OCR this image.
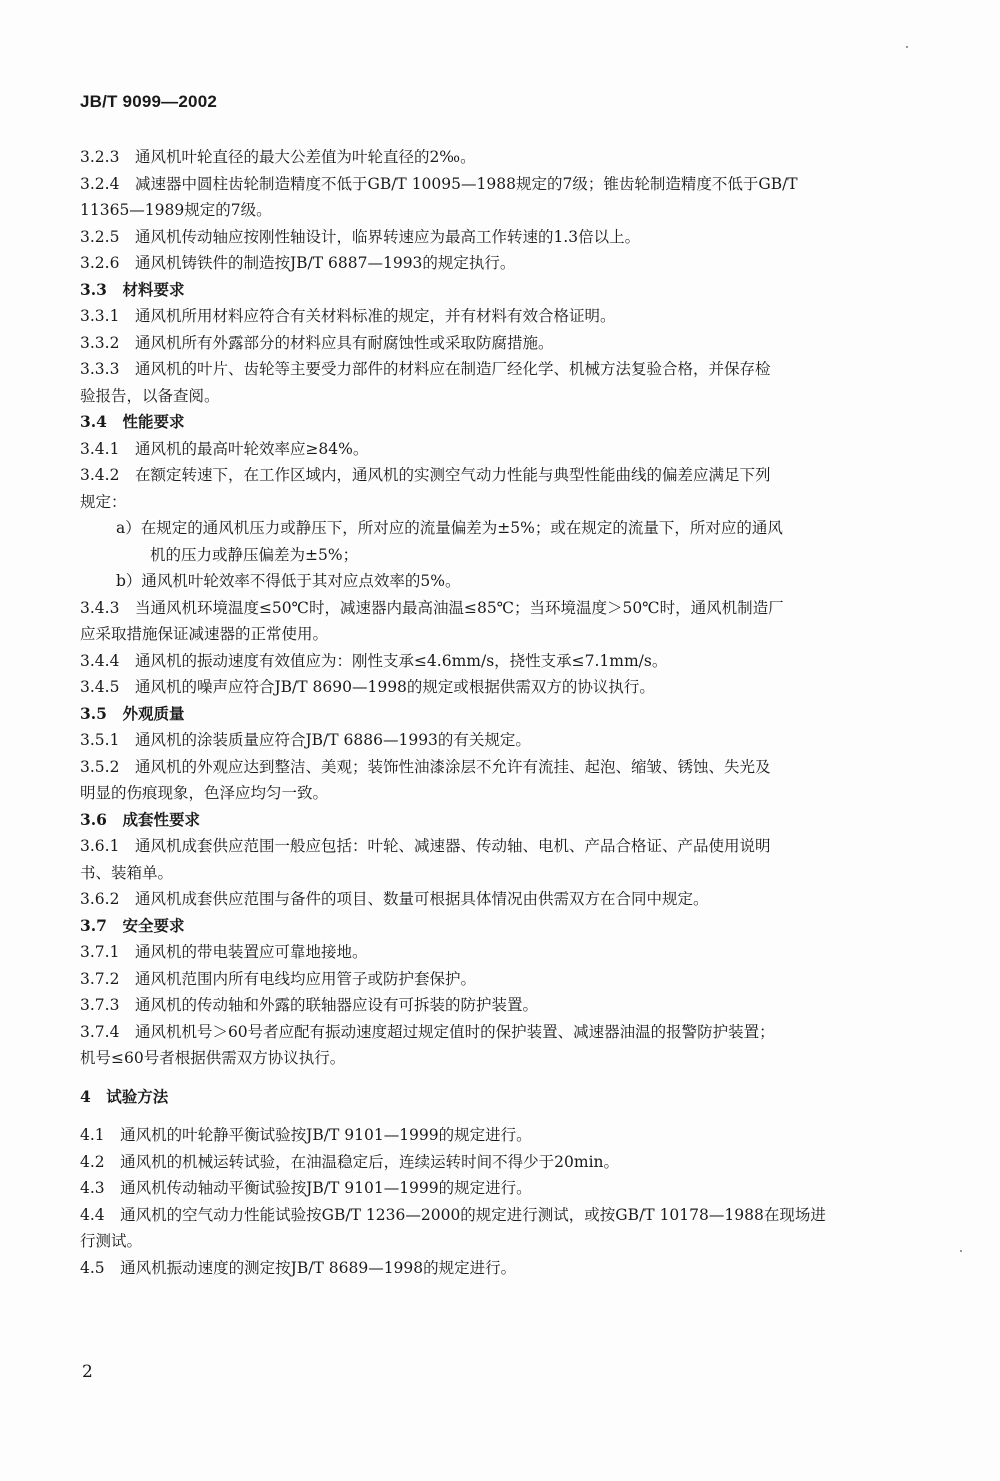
JB/T 9099—2002
3.2.3　通风机叶轮直径的最大公差值为叶轮直径的2‰。
3.2.4　减速器中圆柱齿轮制造精度不低于GB/T 10095—1988规定的7级；锥齿轮制造精度不低于GB/T
11365—1989规定的7级。
3.2.5　通风机传动轴应按刚性轴设计，临界转速应为最高工作转速的1.3倍以上。
3.2.6　通风机铸铁件的制造按JB/T 6887—1993的规定执行。
3.3　材料要求
3.3.1　通风机所用材料应符合有关材料标准的规定，并有材料有效合格证明。
3.3.2　通风机所有外露部分的材料应具有耐腐蚀性或采取防腐措施。
3.3.3　通风机的叶片、齿轮等主要受力部件的材料应在制造厂经化学、机械方法复验合格，并保存检
验报告，以备查阅。
3.4　性能要求
3.4.1　通风机的最高叶轮效率应≥84%。
3.4.2　在额定转速下，在工作区域内，通风机的实测空气动力性能与典型性能曲线的偏差应满足下列
规定：
a）在规定的通风机压力或静压下，所对应的流量偏差为±5%；或在规定的流量下，所对应的通风
机的压力或静压偏差为±5%；
b）通风机叶轮效率不得低于其对应点效率的5%。
3.4.3　当通风机环境温度≤50℃时，减速器内最高油温≤85℃；当环境温度＞50℃时，通风机制造厂
应采取措施保证减速器的正常使用。
3.4.4　通风机的振动速度有效值应为：刚性支承≤4.6mm/s，挠性支承≤7.1mm/s。
3.4.5　通风机的噪声应符合JB/T 8690—1998的规定或根据供需双方的协议执行。
3.5　外观质量
3.5.1　通风机的涂装质量应符合JB/T 6886—1993的有关规定。
3.5.2　通风机的外观应达到整洁、美观；装饰性油漆涂层不允许有流挂、起泡、缩皱、锈蚀、失光及
明显的伤痕现象，色泽应均匀一致。
3.6　成套性要求
3.6.1　通风机成套供应范围一般应包括：叶轮、减速器、传动轴、电机、产品合格证、产品使用说明
书、装箱单。
3.6.2　通风机成套供应范围与备件的项目、数量可根据具体情况由供需双方在合同中规定。
3.7　安全要求
3.7.1　通风机的带电装置应可靠地接地。
3.7.2　通风机范围内所有电线均应用管子或防护套保护。
3.7.3　通风机的传动轴和外露的联轴器应设有可拆装的防护装置。
3.7.4　通风机机号＞60号者应配有振动速度超过规定值时的保护装置、减速器油温的报警防护装置；
机号≤60号者根据供需双方协议执行。
4　试验方法
4.1　通风机的叶轮静平衡试验按JB/T 9101—1999的规定进行。
4.2　通风机的机械运转试验，在油温稳定后，连续运转时间不得少于20min。
4.3　通风机传动轴动平衡试验按JB/T 9101—1999的规定进行。
4.4　通风机的空气动力性能试验按GB/T 1236—2000的规定进行测试，或按GB/T 10178—1988在现场进
行测试。
4.5　通风机振动速度的测定按JB/T 8689—1998的规定进行。
2
